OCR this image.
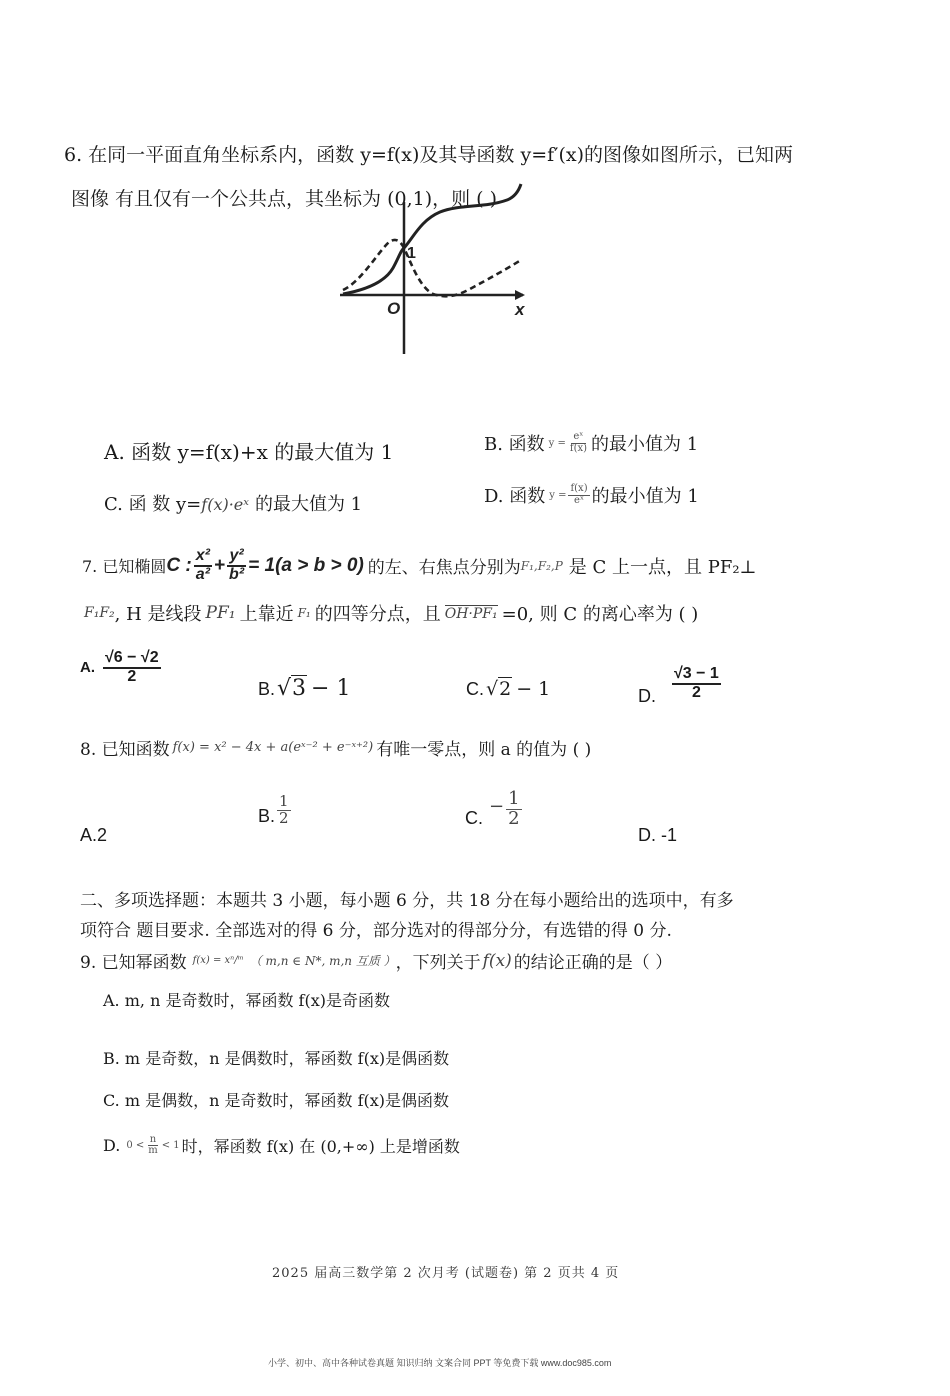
6. 在同一平面直角坐标系内，函数 y=f(x)及其导函数 y=f′(x)的图像如图所示，已知两
图像 有且仅有一个公共点，其坐标为 (0,1)，则 ( )
1
O	x
A. 函数 y=f(x)+x 的最大值为 1	B. 函数 $y = \frac{\text{eˣ}}{f(x)}$ 的最小值为 1
C. 函 数 y=f(x)·eˣ 的最大值为 1	D. 函数 $y = \frac{f(x)}{\text{eˣ}}$ 的最小值为 1
7. 已知椭圆 C : $\frac{\text{x²}}{\text{a²}} + \frac{\text{y²}}{\text{b²}} = 1(a > b > 0)$ 的左、右焦点分别为 F₁,F₂,P 是 C 上一点，且 PF₂⊥
F₁F₂ , H 是线段 PF₁ 上靠近 F₁ 的四等分点，且 OH·PF₁ =0, 则 C 的离心率为 ( )
A. $\frac{√6 - √2}{2}$
B. √3 − 1	C. √2 − 1	D. $\frac{√3 - 1}{2}$
8. 已知函数 f(x) = x² − 4x + a(eˣ⁻² + e⁻ˣ⁺²) 有唯一零点，则 a 的值为 ( )
A.2
B. $\frac{1}{2}$	C.
− $\frac{1}{2}$
D. -1
二、多项选择题：本题共 3 小题，每小题 6 分，共 18 分在每小题给出的选项中，有多
项符合 题目要求. 全部选对的得 6 分，部分选对的得部分分，有选错的得 0 分.
9. 已知幂函数 f(x) = xⁿ/ᵐ （ m,n ∈ N*, m,n 互质 ） ，下列关于 f(x) 的结论正确的是（ ）
A. m, n 是奇数时，幂函数 f(x)是奇函数
B. m 是奇数，n 是偶数时，幂函数 f(x)是偶函数
C. m 是偶数，n 是奇数时，幂函数 f(x)是偶函数
D. $0 < \frac{n}{m} < 1$ 时，幂函数 f(x) 在 (0,+∞) 上是增函数
2025 届高三数学第 2 次月考 (试题卷) 第 2 页共 4 页
小学、初中、高中各种试卷真题 知识归纳 文案合同 PPT 等免费下载 www.doc985.com
